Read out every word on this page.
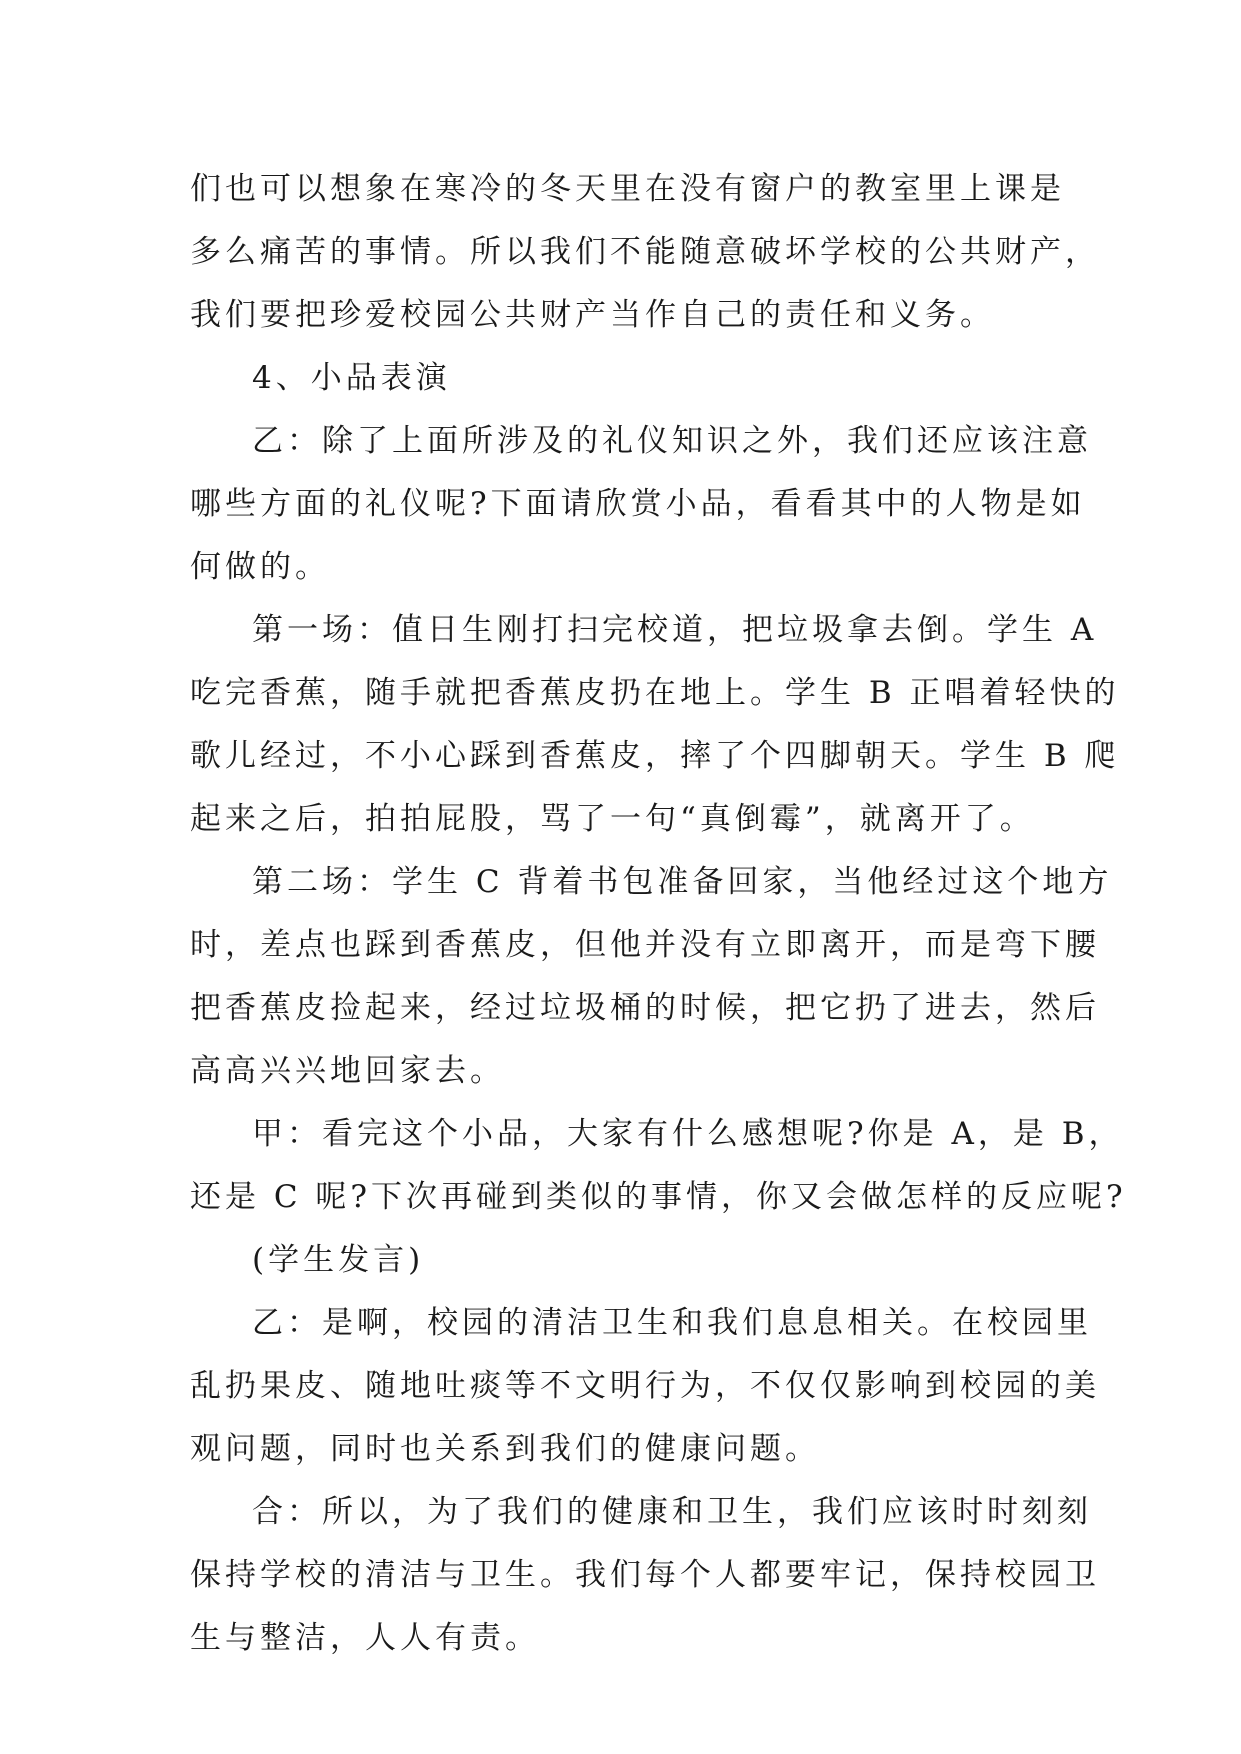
们也可以想象在寒冷的冬天里在没有窗户的教室里上课是
多么痛苦的事情。所以我们不能随意破坏学校的公共财产，
我们要把珍爱校园公共财产当作自己的责任和义务。
4、小品表演
乙：除了上面所涉及的礼仪知识之外，我们还应该注意
哪些方面的礼仪呢?下面请欣赏小品，看看其中的人物是如
何做的。
第一场：值日生刚打扫完校道，把垃圾拿去倒。学生 A
吃完香蕉，随手就把香蕉皮扔在地上。学生 B 正唱着轻快的
歌儿经过，不小心踩到香蕉皮，摔了个四脚朝天。学生 B 爬
起来之后，拍拍屁股，骂了一句“真倒霉”，就离开了。
第二场：学生 C 背着书包准备回家，当他经过这个地方
时，差点也踩到香蕉皮，但他并没有立即离开，而是弯下腰
把香蕉皮捡起来，经过垃圾桶的时候，把它扔了进去，然后
高高兴兴地回家去。
甲：看完这个小品，大家有什么感想呢?你是 A，是 B，
还是 C 呢?下次再碰到类似的事情，你又会做怎样的反应呢?
(学生发言)
乙：是啊，校园的清洁卫生和我们息息相关。在校园里
乱扔果皮、随地吐痰等不文明行为，不仅仅影响到校园的美
观问题，同时也关系到我们的健康问题。
合：所以，为了我们的健康和卫生，我们应该时时刻刻
保持学校的清洁与卫生。我们每个人都要牢记，保持校园卫
生与整洁，人人有责。
